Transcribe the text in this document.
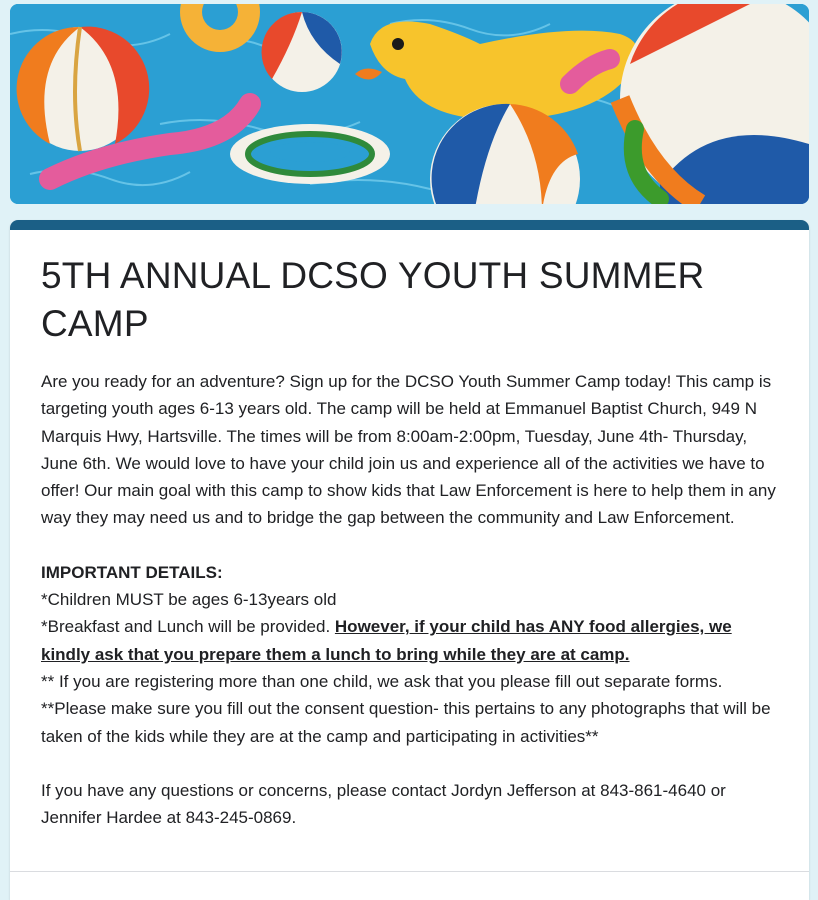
5TH ANNUAL DCSO YOUTH SUMMER CAMP

Are you ready for an adventure? Sign up for the DCSO Youth Summer Camp today! This camp is targeting youth ages 6-13 years old. The camp will be held at Emmanuel Baptist Church, 949 N Marquis Hwy, Hartsville. The times will be from 8:00am-2:00pm, Tuesday, June 4th- Thursday, June 6th. We would love to have your child join us and experience all of the activities we have to offer! Our main goal with this camp to show kids that Law Enforcement is here to help them in any way they may need us and to bridge the gap between the community and Law Enforcement.

IMPORTANT DETAILS:

*Children MUST be ages 6-13years old

*Breakfast and Lunch will be provided. However, if your child has ANY food allergies, we kindly ask that you prepare them a lunch to bring while they are at camp.

** If you are registering more than one child, we ask that you please fill out separate forms.

**Please make sure you fill out the consent question- this pertains to any photographs that will be taken of the kids while they are at the camp and participating in activities**

If you have any questions or concerns, please contact Jordyn Jefferson at 843-861-4640 or Jennifer Hardee at 843-245-0869.
